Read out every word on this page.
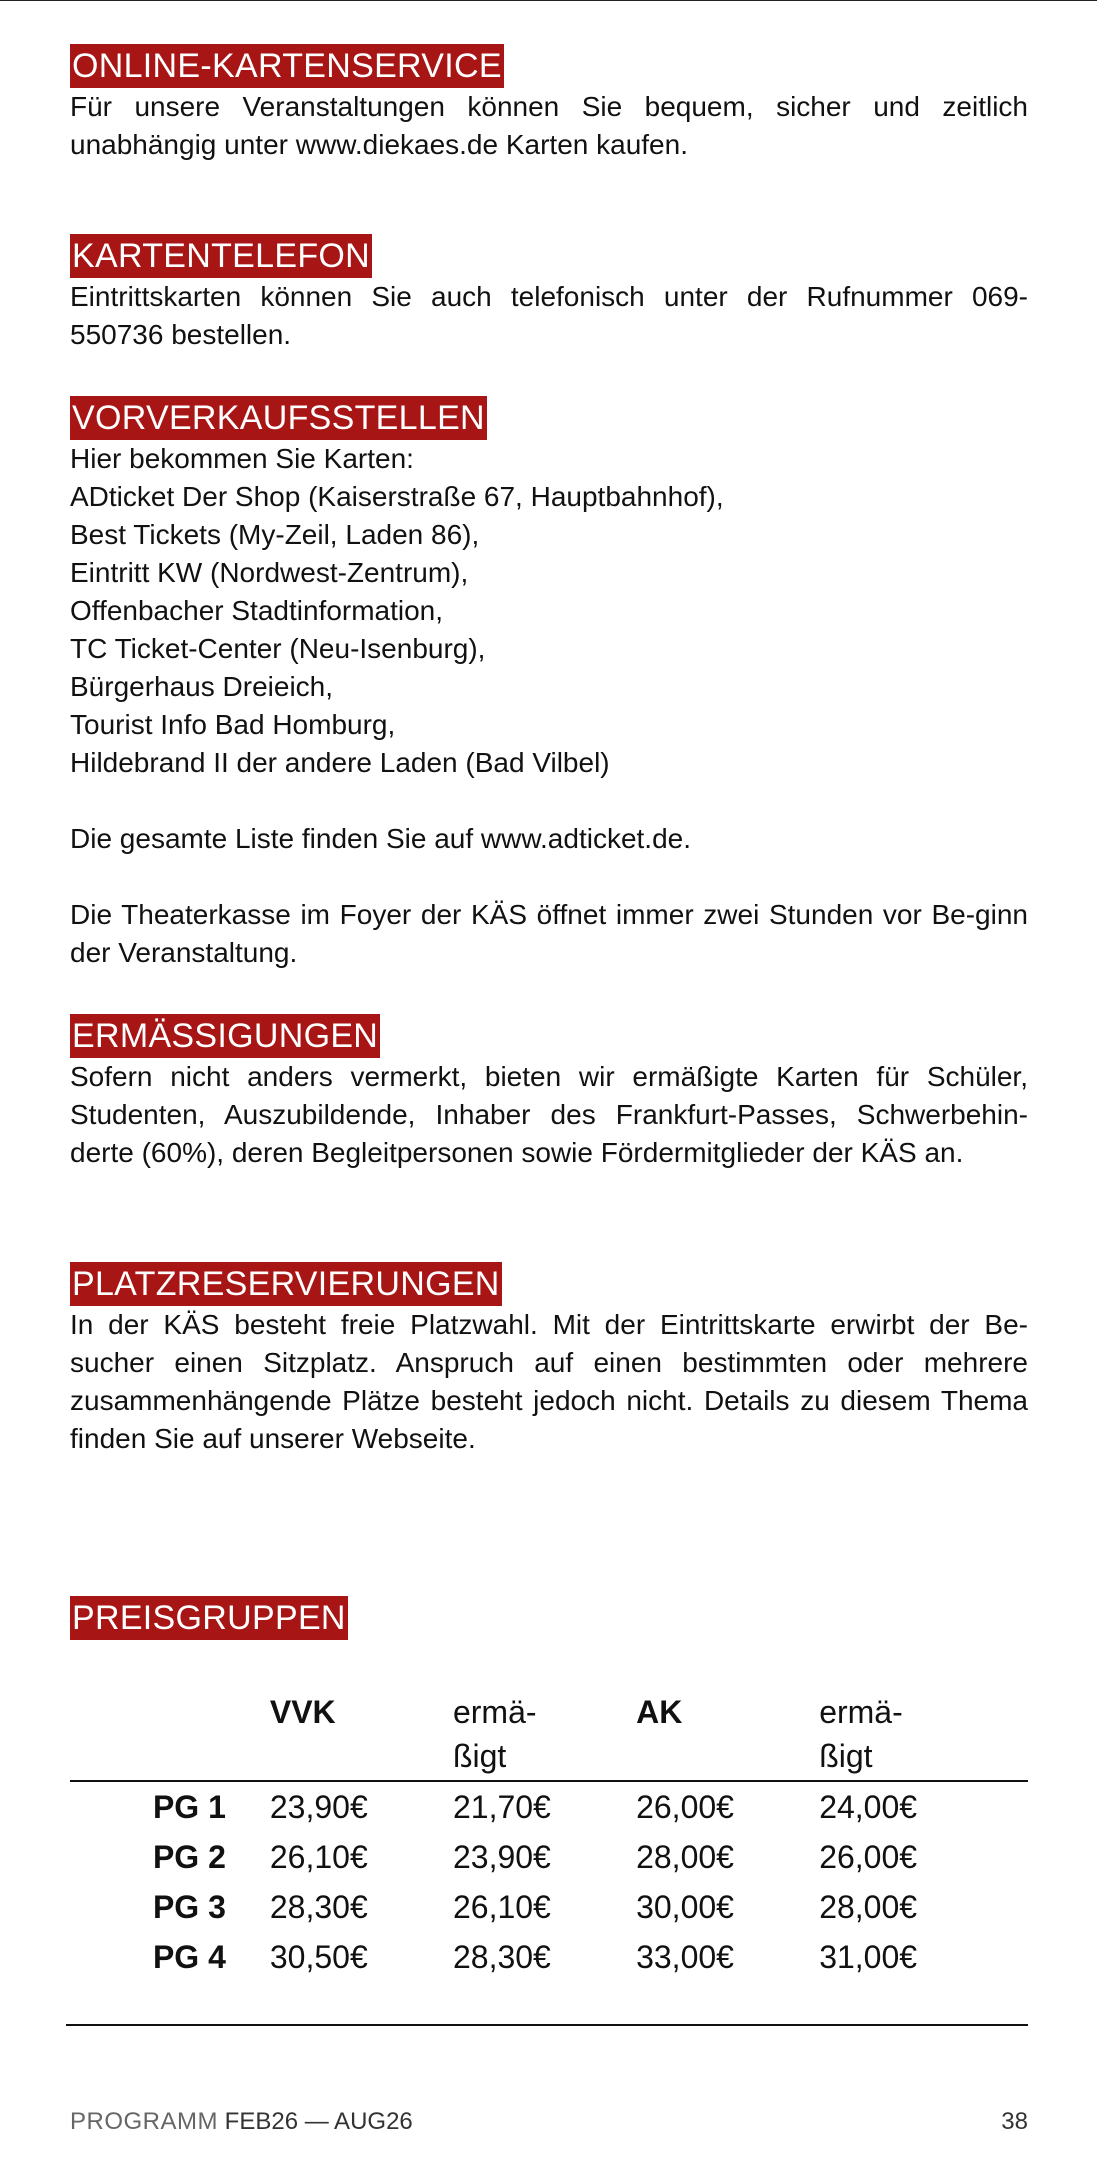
ONLINE-KARTENSERVICE

Für unsere Veranstaltungen können Sie bequem, sicher und zeitlich unabhängig unter www.diekaes.de Karten kaufen.

KARTENTELEFON

Eintrittskarten können Sie auch telefonisch unter der Rufnummer 069-550736 bestellen.

VORVERKAUFSSTELLEN

Hier bekommen Sie Karten:

ADticket Der Shop (Kaiserstraße 67, Hauptbahnhof),
Best Tickets (My-Zeil, Laden 86),
Eintritt KW (Nordwest-Zentrum),
Offenbacher Stadtinformation,
TC Ticket-Center (Neu-Isenburg),
Bürgerhaus Dreieich,
Tourist Info Bad Homburg,
Hildebrand II der andere Laden (Bad Vilbel)

Die gesamte Liste finden Sie auf www.adticket.de.

Die Theaterkasse im Foyer der KÄS öffnet immer zwei Stunden vor Be-ginn der Veranstaltung.

ERMÄSSIGUNGEN

Sofern nicht anders vermerkt, bieten wir ermäßigte Karten für Schüler, Studenten, Auszubildende, Inhaber des Frankfurt-Passes, Schwerbehin-derte (60%), deren Begleitpersonen sowie Fördermitglieder der KÄS an.

PLATZRESERVIERUNGEN

In der KÄS besteht freie Platzwahl. Mit der Eintrittskarte erwirbt der Be-sucher einen Sitzplatz. Anspruch auf einen bestimmten oder mehrere zusammenhängende Plätze besteht jedoch nicht. Details zu diesem Thema finden Sie auf unserer Webseite.

PREISGRUPPEN
	VVK	ermä-
ßigt	AK	ermä-
ßigt
PG 1	23,90€	21,70€	26,00€	24,00€
PG 2	26,10€	23,90€	28,00€	26,00€
PG 3	28,30€	26,10€	30,00€	28,00€
PG 4	30,50€	28,30€	33,00€	31,00€
PROGRAMM FEB26 — AUG26	38
